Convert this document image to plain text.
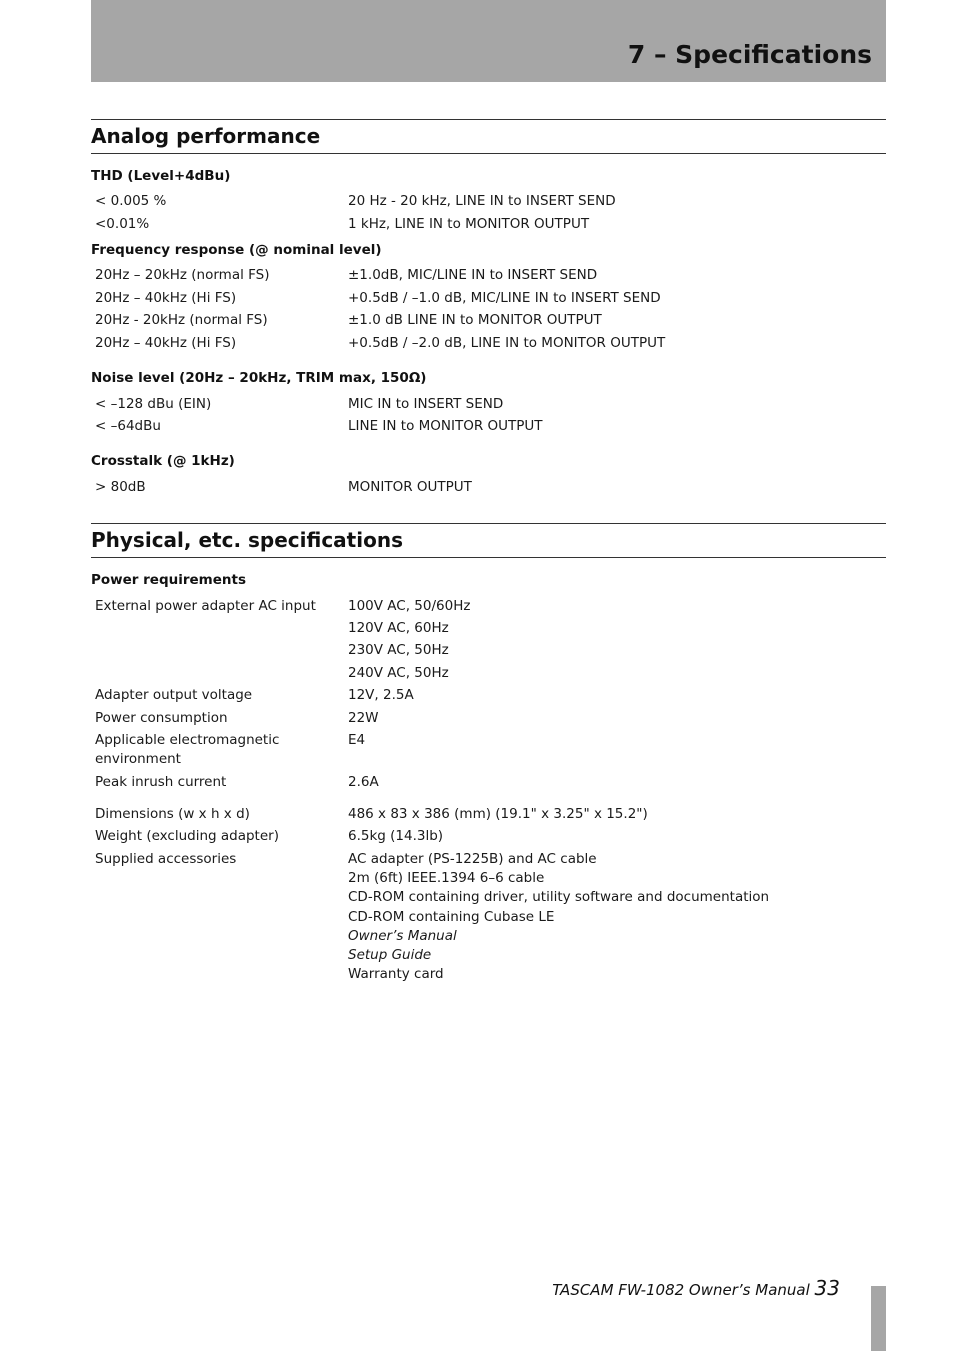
7 – Specifications
Analog performance

THD (Level+4dBu)

< 0.005 %	20 Hz - 20 kHz, LINE IN to INSERT SEND
<0.01%	1 kHz, LINE IN to MONITOR OUTPUT

Frequency response (@ nominal level)

20Hz – 20kHz (normal FS)	±1.0dB, MIC/LINE IN to INSERT SEND
20Hz – 40kHz (Hi FS)	+0.5dB / –1.0 dB, MIC/LINE IN to INSERT SEND
20Hz - 20kHz (normal FS)	±1.0 dB LINE IN to MONITOR OUTPUT
20Hz – 40kHz (Hi FS)	+0.5dB / –2.0 dB, LINE IN to MONITOR OUTPUT

Noise level (20Hz – 20kHz, TRIM max, 150Ω)

< –128 dBu (EIN)	MIC IN to INSERT SEND
< –64dBu	LINE IN to MONITOR OUTPUT

Crosstalk (@ 1kHz)

> 80dB	MONITOR OUTPUT
Physical, etc. specifications

Power requirements

External power adapter AC input 100V AC, 50/60Hz
120V AC, 60Hz
230V AC, 50Hz
240V AC, 50Hz
Adapter output voltage	12V, 2.5A
Power consumption	22W
Applicable electromagnetic	E4
environment
Peak inrush current	2.6A
Dimensions (w x h x d)	486 x 83 x 386 (mm) (19.1" x 3.25" x 15.2")
Weight (excluding adapter)	6.5kg (14.3lb)
Supplied accessories	AC adapter (PS-1225B) and AC cable
2m (6ft) IEEE.1394 6–6 cable
CD-ROM containing driver, utility software and documentation
CD-ROM containing Cubase LE
Owner’s Manual
Setup Guide
Warranty card
TASCAM FW-1082 Owner’s Manual 33
